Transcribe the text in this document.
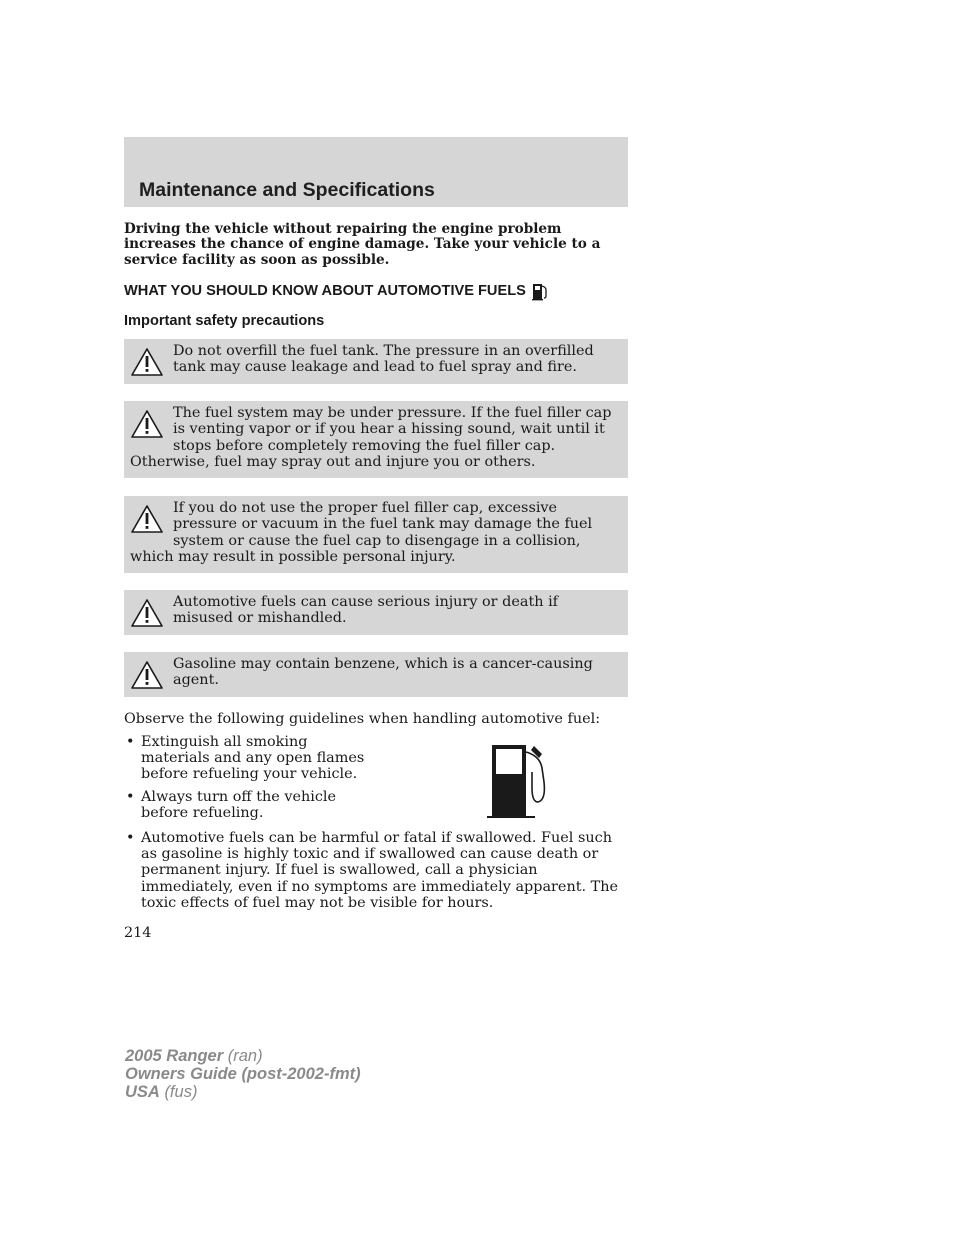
Maintenance and Specifications
Driving the vehicle without repairing the engine problem increases the chance of engine damage. Take your vehicle to a service facility as soon as possible.
WHAT YOU SHOULD KNOW ABOUT AUTOMOTIVE FUELS
Important safety precautions
Do not overfill the fuel tank. The pressure in an overfilled tank may cause leakage and lead to fuel spray and fire.
The fuel system may be under pressure. If the fuel filler cap is venting vapor or if you hear a hissing sound, wait until it stops before completely removing the fuel filler cap. Otherwise, fuel may spray out and injure you or others.
If you do not use the proper fuel filler cap, excessive pressure or vacuum in the fuel tank may damage the fuel system or cause the fuel cap to disengage in a collision, which may result in possible personal injury.
Automotive fuels can cause serious injury or death if misused or mishandled.
Gasoline may contain benzene, which is a cancer-causing agent.
Observe the following guidelines when handling automotive fuel:
• Extinguish all smoking materials and any open flames before refueling your vehicle.
• Always turn off the vehicle before refueling.
• Automotive fuels can be harmful or fatal if swallowed. Fuel such as gasoline is highly toxic and if swallowed can cause death or permanent injury. If fuel is swallowed, call a physician immediately, even if no symptoms are immediately apparent. The toxic effects of fuel may not be visible for hours.
214
2005 Ranger (ran)
Owners Guide (post-2002-fmt)
USA (fus)
